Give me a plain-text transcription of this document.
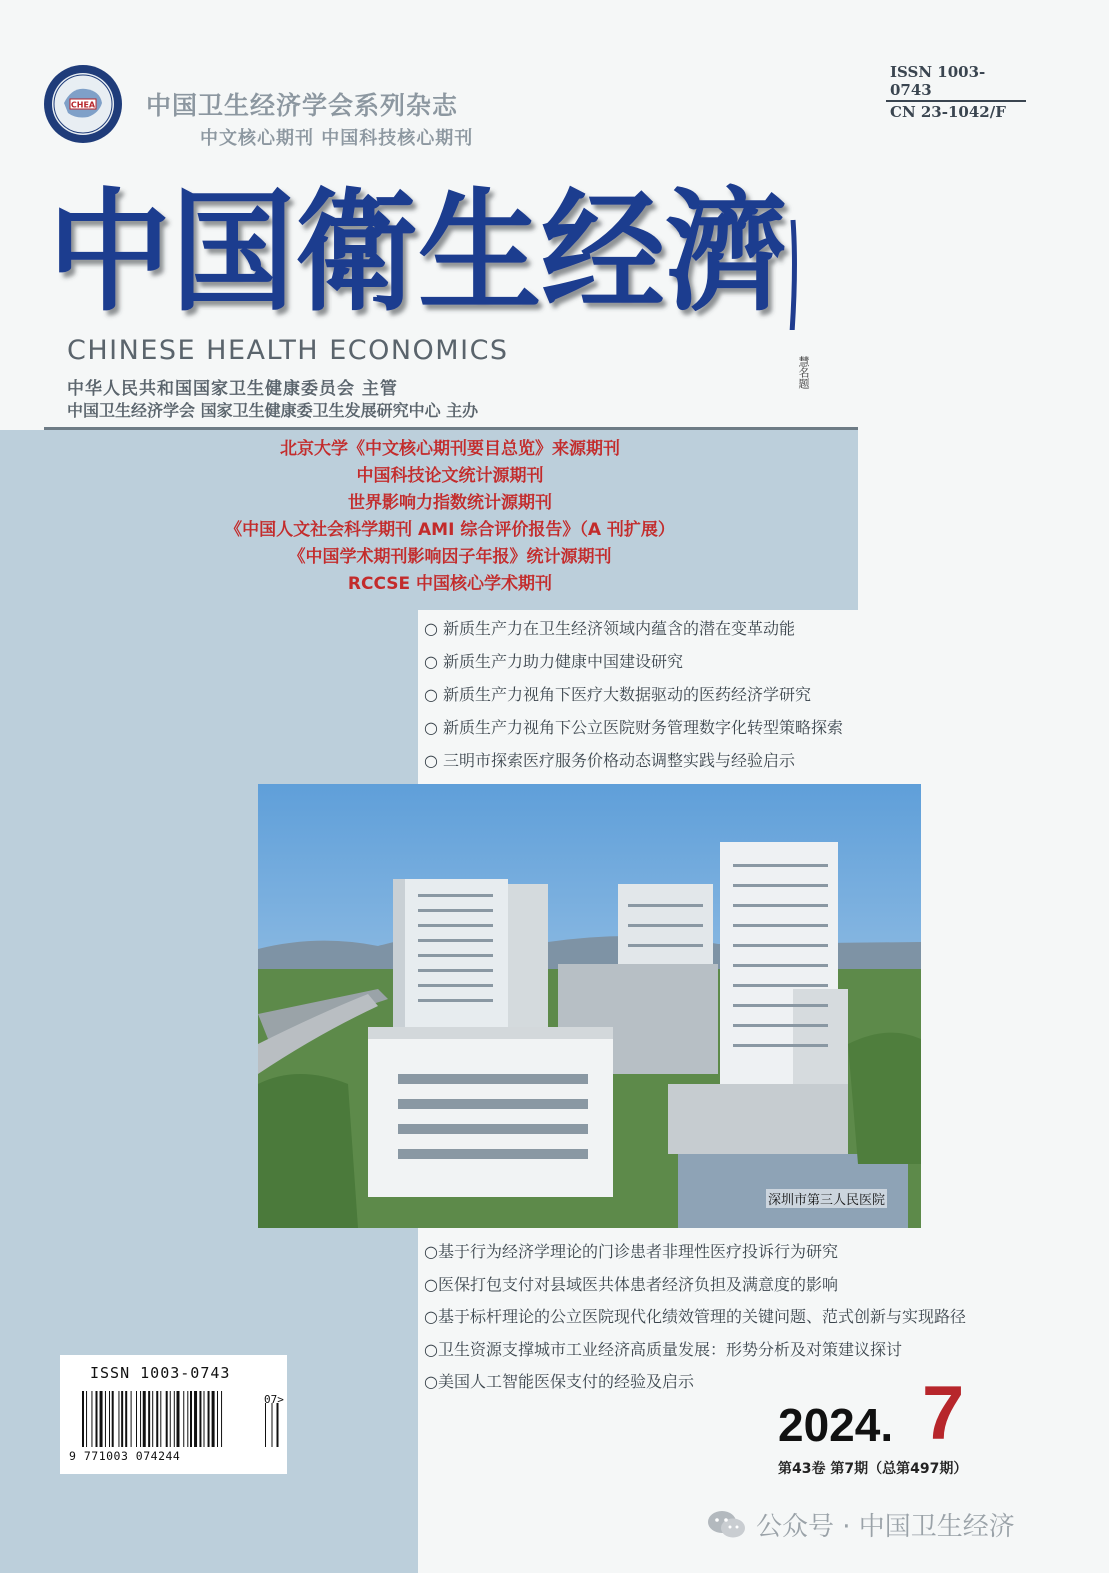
CHEA 中国卫生经济学会系列杂志
中文核心期刊 中国科技核心期刊
ISSN 1003-0743
CN 23-1042/F
中国衛生经濟
慧名题
CHINESE HEALTH ECONOMICS
中华人民共和国国家卫生健康委员会 主管
中国卫生经济学会 国家卫生健康委卫生发展研究中心 主办
北京大学《中文核心期刊要目总览》来源期刊
中国科技论文统计源期刊
世界影响力指数统计源期刊
《中国人文社会科学期刊 AMI 综合评价报告》（A 刊扩展）
《中国学术期刊影响因子年报》统计源期刊
RCCSE 中国核心学术期刊
○ 新质生产力在卫生经济领域内蕴含的潜在变革动能
○ 新质生产力助力健康中国建设研究
○ 新质生产力视角下医疗大数据驱动的医药经济学研究
○ 新质生产力视角下公立医院财务管理数字化转型策略探索
○ 三明市探索医疗服务价格动态调整实践与经验启示
深圳市第三人民医院
○基于行为经济学理论的门诊患者非理性医疗投诉行为研究
○医保打包支付对县域医共体患者经济负担及满意度的影响
○基于标杆理论的公立医院现代化绩效管理的关键问题、范式创新与实现路径
○卫生资源支撑城市工业经济高质量发展：形势分析及对策建议探讨
○美国人工智能医保支付的经验及启示
ISSN 1003-0743
07>
9 771003 074244
2024. 7
第43卷 第7期（总第497期）
公众号 · 中国卫生经济
